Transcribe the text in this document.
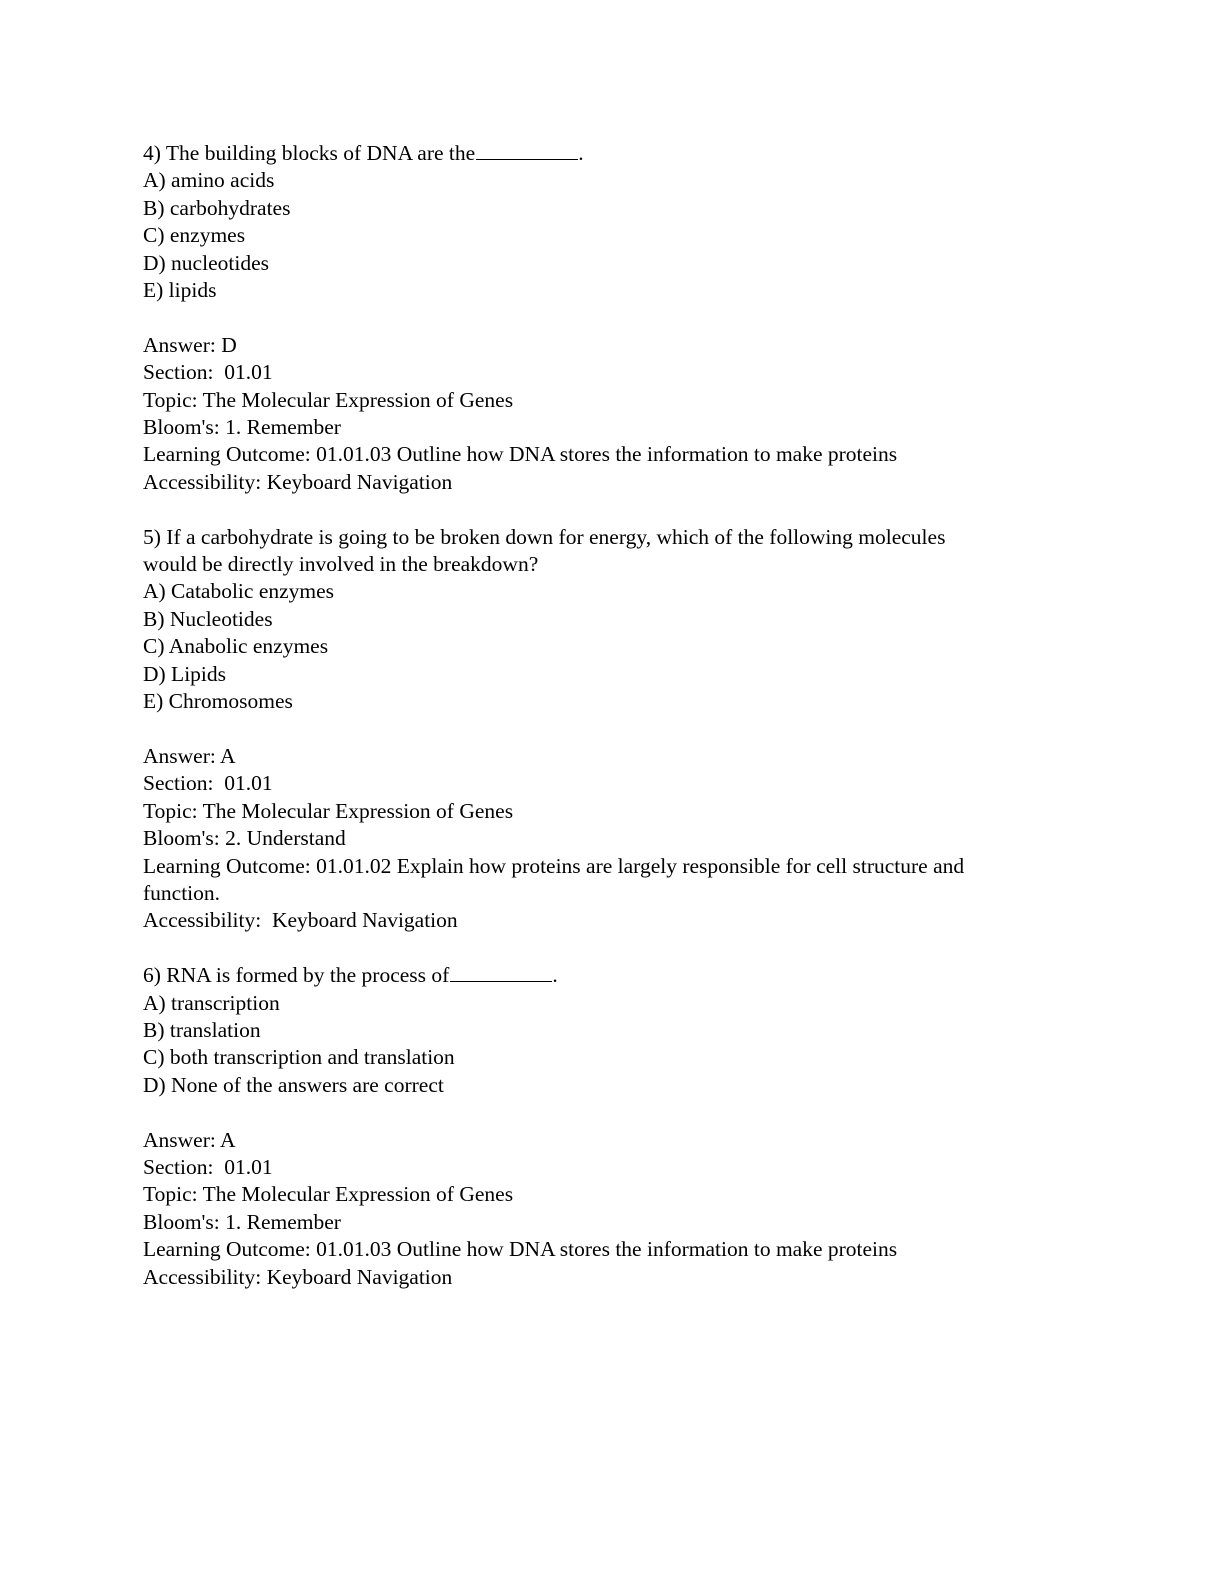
4) The building blocks of DNA are the	.

A) amino acids

B) carbohydrates

C) enzymes

D) nucleotides

E) lipids

Answer: D

Section:  01.01

Topic: The Molecular Expression of Genes

Bloom's: 1. Remember

Learning Outcome: 01.01.03 Outline how DNA stores the information to make proteins

Accessibility: Keyboard Navigation

5) If a carbohydrate is going to be broken down for energy, which of the following molecules

would be directly involved in the breakdown?

A) Catabolic enzymes

B) Nucleotides

C) Anabolic enzymes

D) Lipids

E) Chromosomes

Answer: A

Section:  01.01

Topic: The Molecular Expression of Genes

Bloom's: 2. Understand

Learning Outcome: 01.01.02 Explain how proteins are largely responsible for cell structure and

function.

Accessibility:  Keyboard Navigation

6) RNA is formed by the process of	.

A) transcription

B) translation

C) both transcription and translation

D) None of the answers are correct

Answer: A

Section:  01.01

Topic: The Molecular Expression of Genes

Bloom's: 1. Remember

Learning Outcome: 01.01.03 Outline how DNA stores the information to make proteins

Accessibility: Keyboard Navigation
